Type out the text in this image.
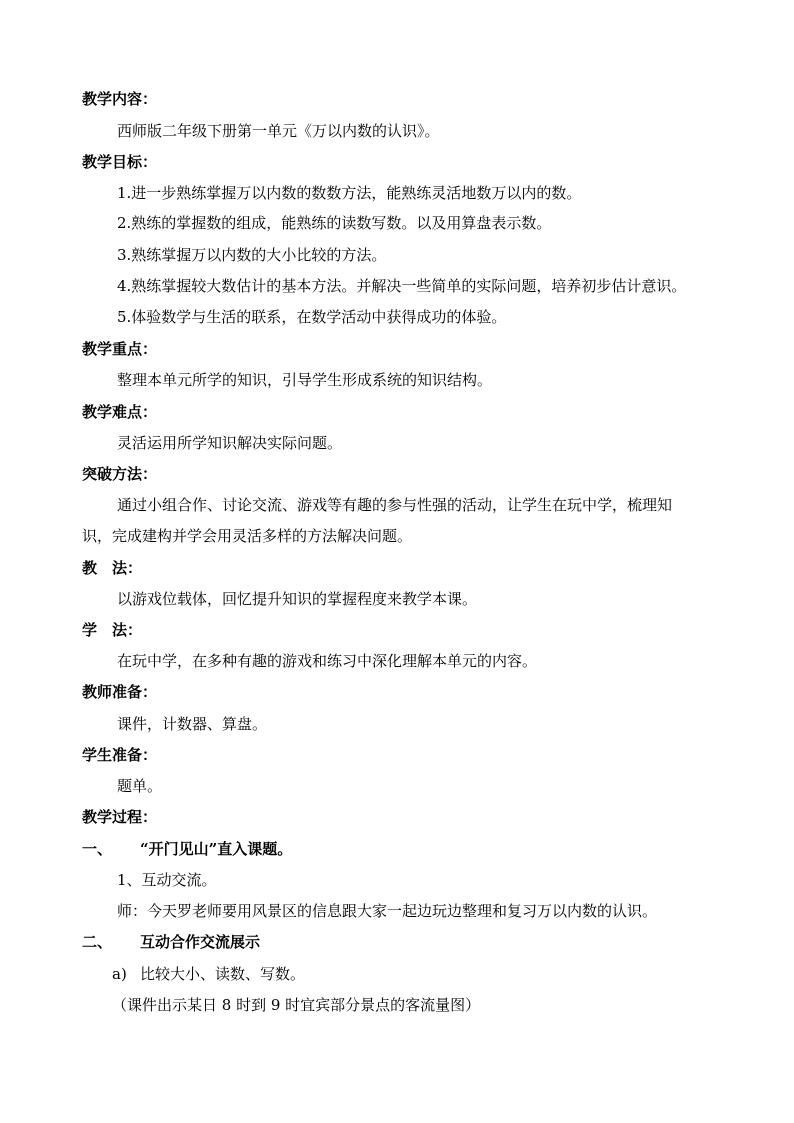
教学内容：
西师版二年级下册第一单元《万以内数的认识》。
教学目标：
1.进一步熟练掌握万以内数的数数方法，能熟练灵活地数万以内的数。
2.熟练的掌握数的组成，能熟练的读数写数。以及用算盘表示数。
3.熟练掌握万以内数的大小比较的方法。
4.熟练掌握较大数估计的基本方法。并解决一些简单的实际问题，培养初步估计意识。
5.体验数学与生活的联系，在数学活动中获得成功的体验。
教学重点：
整理本单元所学的知识，引导学生形成系统的知识结构。
教学难点：
灵活运用所学知识解决实际问题。
突破方法：
通过小组合作、讨论交流、游戏等有趣的参与性强的活动，让学生在玩中学，梳理知
识，完成建构并学会用灵活多样的方法解决问题。
教 法：
以游戏位载体，回忆提升知识的掌握程度来教学本课。
学 法：
在玩中学，在多种有趣的游戏和练习中深化理解本单元的内容。
教师准备：
课件，计数器、算盘。
学生准备：
题单。
教学过程：
一、 “开门见山”直入课题。
1、互动交流。
师：今天罗老师要用风景区的信息跟大家一起边玩边整理和复习万以内数的认识。
二、 互动合作交流展示
a) 比较大小、读数、写数。
（课件出示某日 8 时到 9 时宜宾部分景点的客流量图）
